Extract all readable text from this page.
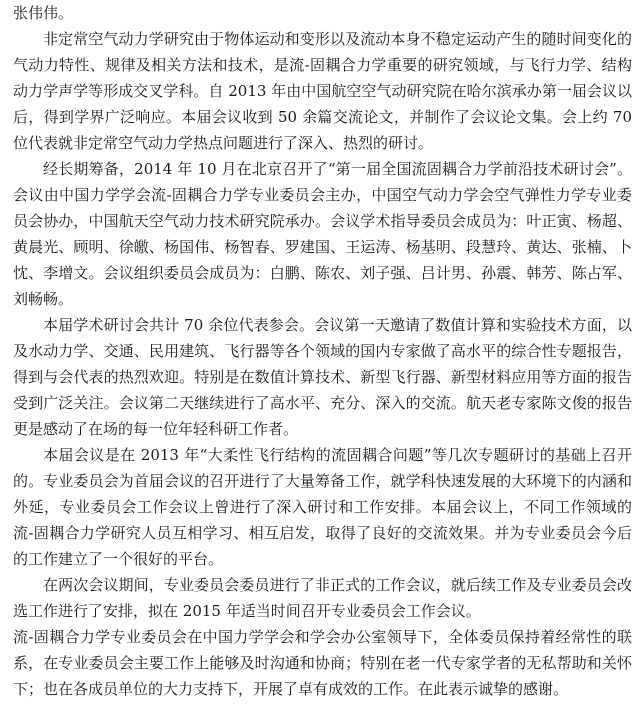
张伟伟。

非定常空气动力学研究由于物体运动和变形以及流动本身不稳定运动产生的随时间变化的气动力特性、规律及相关方法和技术，是流-固耦合力学重要的研究领域，与飞行力学、结构动力学声学等形成交叉学科。自 2013 年由中国航空空气动研究院在哈尔滨承办第一届会议以后，得到学界广泛响应。本届会议收到 50 余篇交流论文，并制作了会议论文集。会上约 70 位代表就非定常空气动力学热点问题进行了深入、热烈的研讨。

经长期筹备，2014 年 10 月在北京召开了“第一届全国流固耦合力学前沿技术研讨会”。会议由中国力学学会流-固耦合力学专业委员会主办，中国空气动力学会空气弹性力学专业委员会协办，中国航天空气动力技术研究院承办。会议学术指导委员会成员为：叶正寅、杨超、黄晨光、顾明、徐皦、杨国伟、杨智春、罗建国、王运涛、杨基明、段慧玲、黄达、张楠、卜忱、李增文。会议组织委员会成员为：白鹏、陈农、刘子强、吕计男、孙震、韩芳、陈占军、刘畅畅。

本届学术研讨会共计 70 余位代表参会。会议第一天邀请了数值计算和实验技术方面，以及水动力学、交通、民用建筑、飞行器等各个领域的国内专家做了高水平的综合性专题报告，得到与会代表的热烈欢迎。特别是在数值计算技术、新型飞行器、新型材料应用等方面的报告受到广泛关注。会议第二天继续进行了高水平、充分、深入的交流。航天老专家陈文俊的报告更是感动了在场的每一位年轻科研工作者。

本届会议是在 2013 年“大柔性飞行结构的流固耦合问题”等几次专题研讨的基础上召开的。专业委员会为首届会议的召开进行了大量筹备工作，就学科快速发展的大环境下的内涵和外延，专业委员会工作会议上曾进行了深入研讨和工作安排。本届会议上，不同工作领域的流-固耦合力学研究人员互相学习、相互启发，取得了良好的交流效果。并为专业委员会今后的工作建立了一个很好的平台。

在两次会议期间，专业委员会委员进行了非正式的工作会议，就后续工作及专业委员会改选工作进行了安排，拟在 2015 年适当时间召开专业委员会工作会议。

流-固耦合力学专业委员会在中国力学学会和学会办公室领导下，全体委员保持着经常性的联系，在专业委员会主要工作上能够及时沟通和协商；特别在老一代专家学者的无私帮助和关怀下；也在各成员单位的大力支持下，开展了卓有成效的工作。在此表示诚挚的感谢。
